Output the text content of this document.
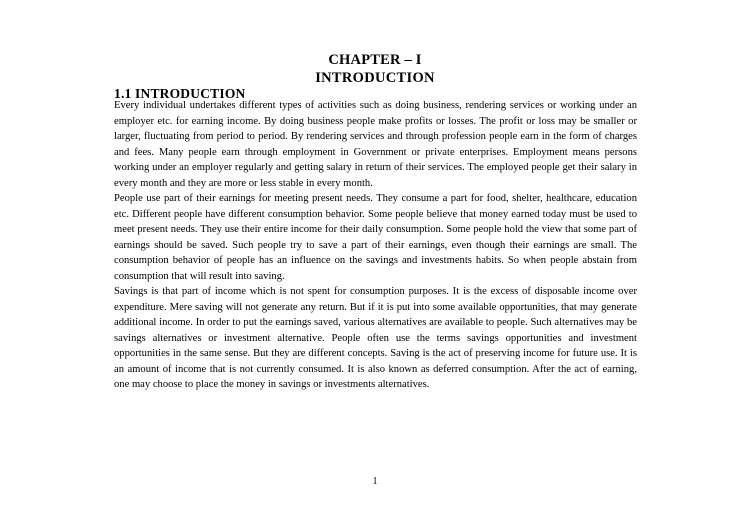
CHAPTER – I
INTRODUCTION
1.1 INTRODUCTION

Every individual undertakes different types of activities such as doing business, rendering services or working under an employer etc. for earning income. By doing business people make profits or losses. The profit or loss may be smaller or larger, fluctuating from period to period. By rendering services and through profession people earn in the form of charges and fees. Many people earn through employment in Government or private enterprises. Employment means persons working under an employer regularly and getting salary in return of their services. The employed people get their salary in every month and they are more or less stable in every month.

People use part of their earnings for meeting present needs. They consume a part for food, shelter, healthcare, education etc. Different people have different consumption behavior. Some people believe that money earned today must be used to meet present needs. They use their entire income for their daily consumption. Some people hold the view that some part of earnings should be saved. Such people try to save a part of their earnings, even though their earnings are small. The consumption behavior of people has an influence on the savings and investments habits. So when people abstain from consumption that will result into saving.

Savings is that part of income which is not spent for consumption purposes. It is the excess of disposable income over expenditure. Mere saving will not generate any return. But if it is put into some available opportunities, that may generate additional income. In order to put the earnings saved, various alternatives are available to people. Such alternatives may be savings alternatives or investment alternative. People often use the terms savings opportunities and investment opportunities in the same sense. But they are different concepts. Saving is the act of preserving income for future use. It is an amount of income that is not currently consumed. It is also known as deferred consumption. After the act of earning, one may choose to place the money in savings or investments alternatives.

1
